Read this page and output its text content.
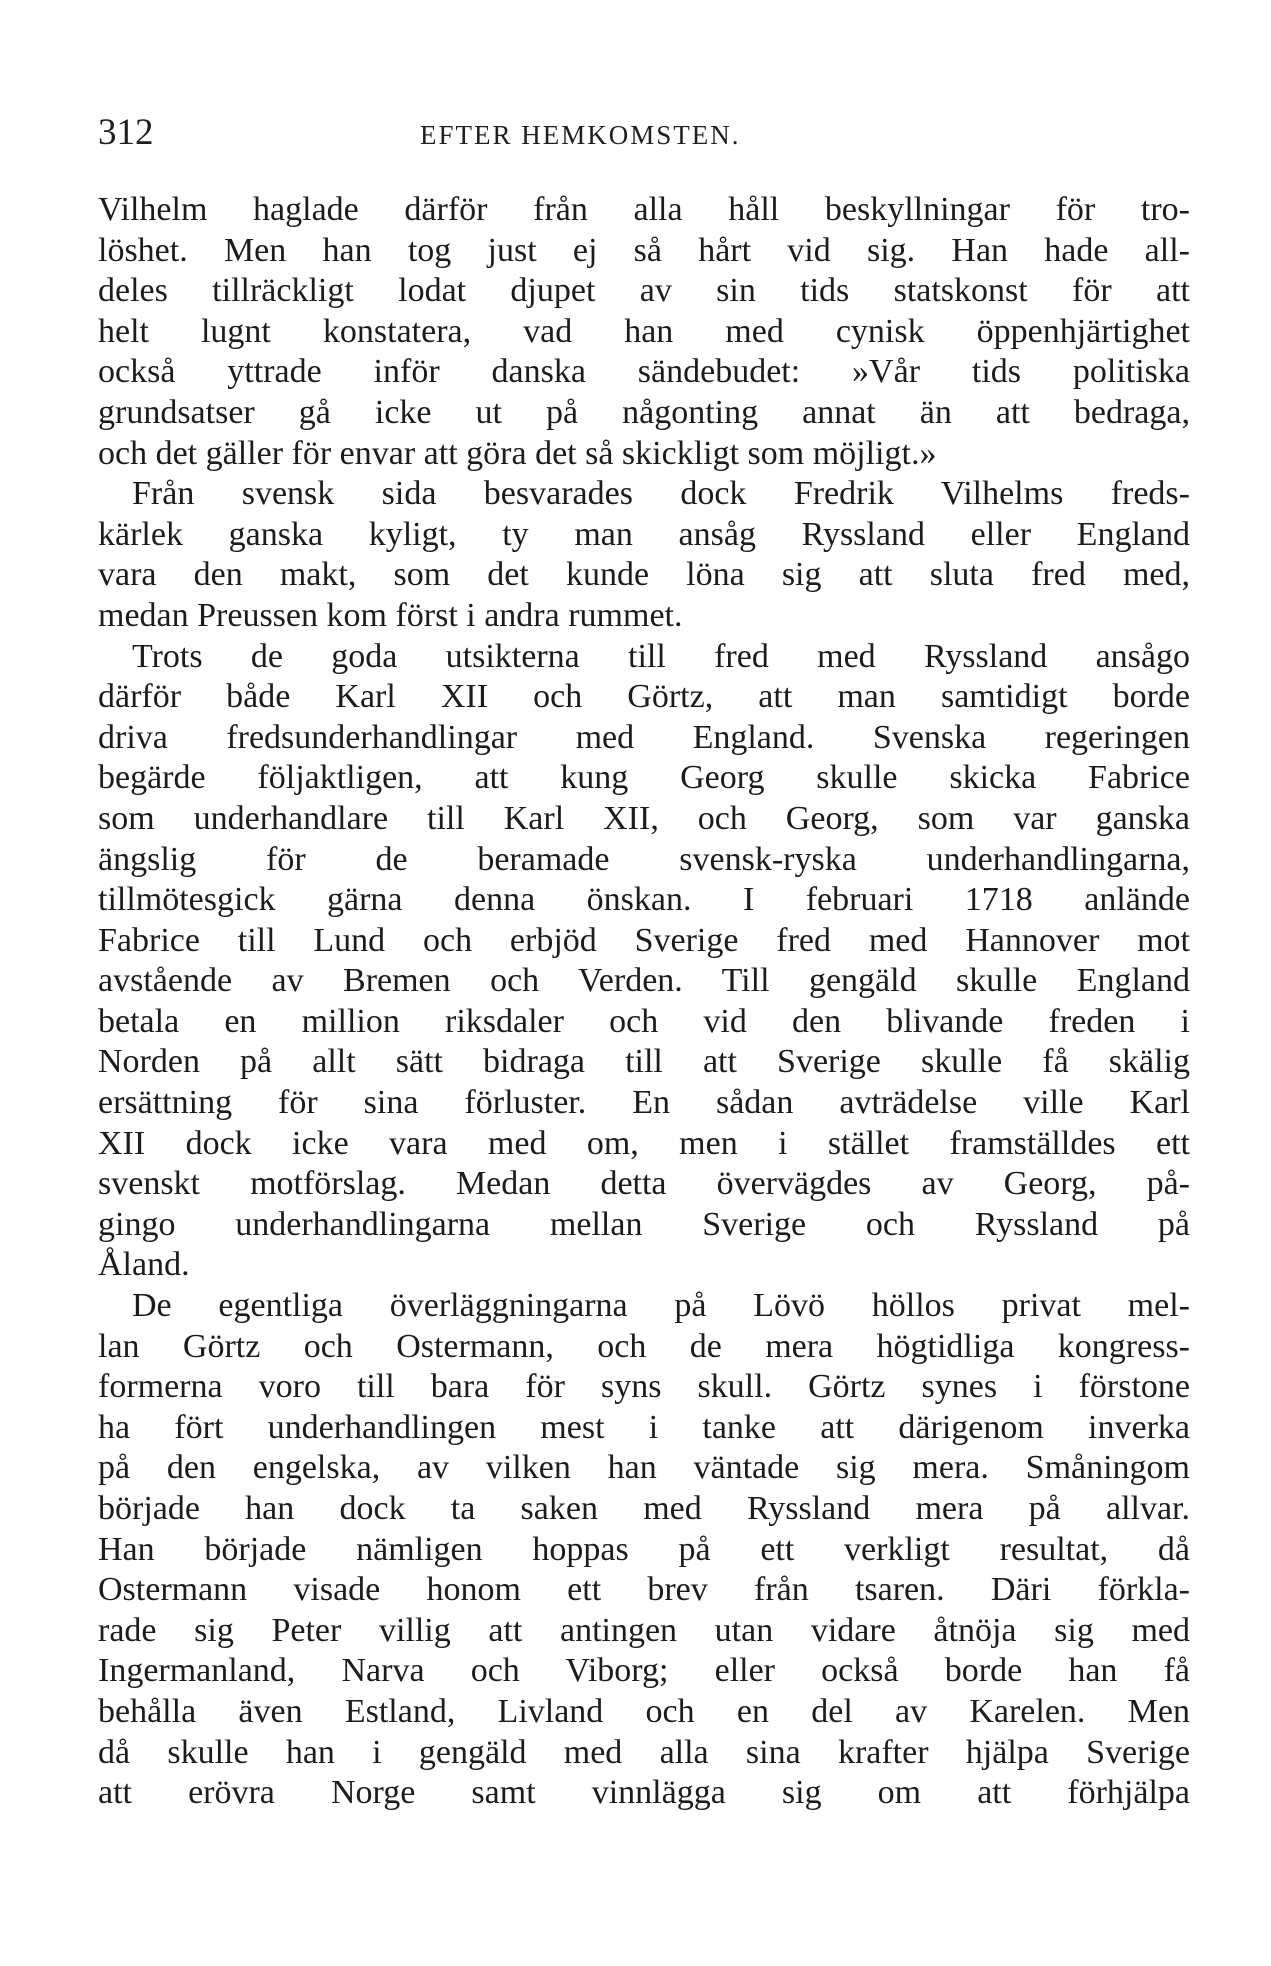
312	EFTER HEMKOMSTEN.
Vilhelm haglade därför från alla håll beskyllningar för tro-
löshet. Men han tog just ej så hårt vid sig. Han hade all-
deles tillräckligt lodat djupet av sin tids statskonst för att
helt lugnt konstatera, vad han med cynisk öppenhjärtighet
också yttrade inför danska sändebudet: »Vår tids politiska
grundsatser gå icke ut på någonting annat än att bedraga,
och det gäller för envar att göra det så skickligt som möjligt.»
Från svensk sida besvarades dock Fredrik Vilhelms freds-
kärlek ganska kyligt, ty man ansåg Ryssland eller England
vara den makt, som det kunde löna sig att sluta fred med,
medan Preussen kom först i andra rummet.
Trots de goda utsikterna till fred med Ryssland ansågo
därför både Karl XII och Görtz, att man samtidigt borde
driva fredsunderhandlingar med England. Svenska regeringen
begärde följaktligen, att kung Georg skulle skicka Fabrice
som underhandlare till Karl XII, och Georg, som var ganska
ängslig för de beramade svensk-ryska underhandlingarna,
tillmötesgick gärna denna önskan. I februari 1718 anlände
Fabrice till Lund och erbjöd Sverige fred med Hannover mot
avstående av Bremen och Verden. Till gengäld skulle England
betala en million riksdaler och vid den blivande freden i
Norden på allt sätt bidraga till att Sverige skulle få skälig
ersättning för sina förluster. En sådan avträdelse ville Karl
XII dock icke vara med om, men i stället framställdes ett
svenskt motförslag. Medan detta övervägdes av Georg, på-
gingo underhandlingarna mellan Sverige och Ryssland på
Åland.
De egentliga överläggningarna på Lövö höllos privat mel-
lan Görtz och Ostermann, och de mera högtidliga kongress-
formerna voro till bara för syns skull. Görtz synes i förstone
ha fört underhandlingen mest i tanke att därigenom inverka
på den engelska, av vilken han väntade sig mera. Småningom
började han dock ta saken med Ryssland mera på allvar.
Han började nämligen hoppas på ett verkligt resultat, då
Ostermann visade honom ett brev från tsaren. Däri förkla-
rade sig Peter villig att antingen utan vidare åtnöja sig med
Ingermanland, Narva och Viborg; eller också borde han få
behålla även Estland, Livland och en del av Karelen. Men
då skulle han i gengäld med alla sina krafter hjälpa Sverige
att erövra Norge samt vinnlägga sig om att förhjälpa
